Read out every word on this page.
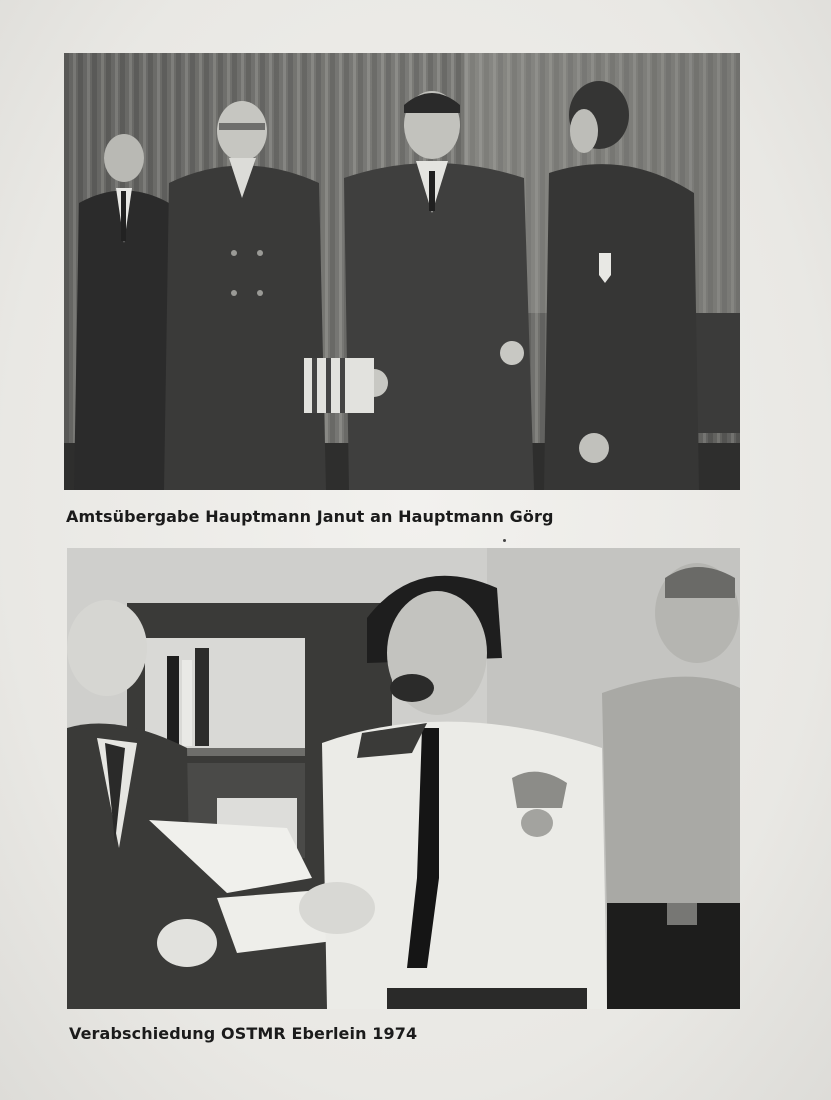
Amtsübergabe Hauptmann Janut an Hauptmann Görg
Verabschiedung OSTMR Eberlein 1974
